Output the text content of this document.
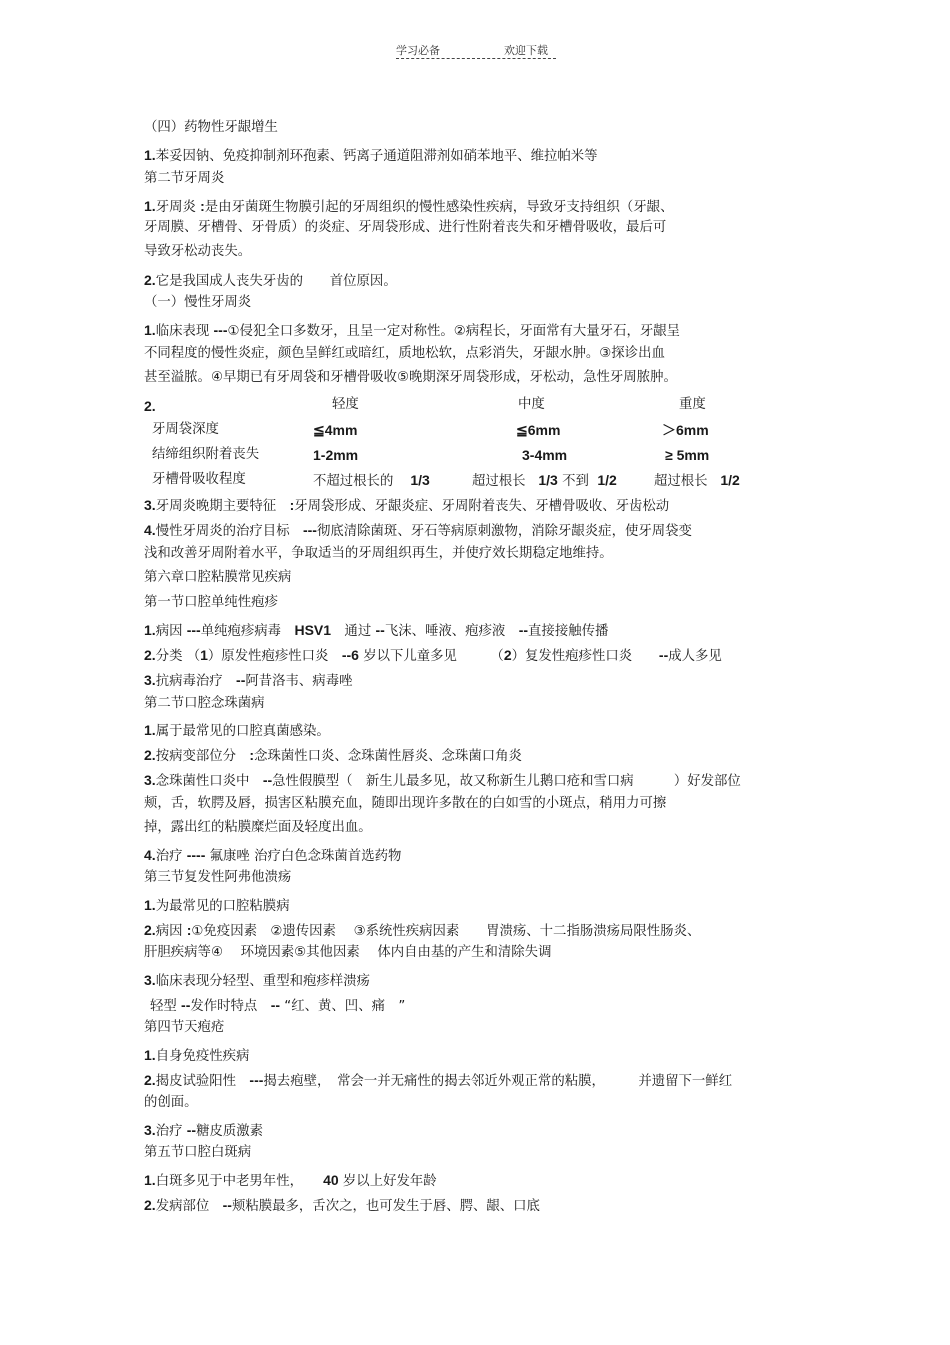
学习必备	欢迎下载
（四）药物性牙龈增生
1.苯妥因钠、免疫抑制剂环孢素、钙离子通道阻滞剂如硝苯地平、维拉帕米等
第二节牙周炎
1.牙周炎 :是由牙菌斑生物膜引起的牙周组织的慢性感染性疾病，导致牙支持组织（牙龈、
牙周膜、牙槽骨、牙骨质）的炎症、牙周袋形成、进行性附着丧失和牙槽骨吸收，最后可
导致牙松动丧失。
2.它是我国成人丧失牙齿的　　首位原因。
（一）慢性牙周炎
1.临床表现 ---①侵犯全口多数牙，且呈一定对称性。②病程长，牙面常有大量牙石，牙龈呈
不同程度的慢性炎症，颜色呈鲜红或暗红，质地松软，点彩消失，牙龈水肿。③探诊出血
甚至溢脓。④早期已有牙周袋和牙槽骨吸收⑤晚期深牙周袋形成，牙松动，急性牙周脓肿。
2.	轻度	中度	重度
牙周袋深度	≦4mm	≦6mm	＞6mm
结缔组织附着丧失	1-2mm	3-4mm	≥ 5mm
牙槽骨吸收程度	不超过根长的 1/3	超过根长 1/3 不到 1/2	超过根长 1/2
3.牙周炎晚期主要特征　:牙周袋形成、牙龈炎症、牙周附着丧失、牙槽骨吸收、牙齿松动
4.慢性牙周炎的治疗目标　---彻底清除菌斑、牙石等病原刺激物，消除牙龈炎症，使牙周袋变
浅和改善牙周附着水平，争取适当的牙周组织再生，并使疗效长期稳定地维持。
第六章口腔粘膜常见疾病
第一节口腔单纯性疱疹
1.病因 ---单纯疱疹病毒　HSV1　通过 --飞沫、唾液、疱疹液　--直接接触传播
2.分类 （1）原发性疱疹性口炎　--6 岁以下儿童多见　　　（2）复发性疱疹性口炎　　--成人多见
3.抗病毒治疗　--阿昔洛韦、病毒唑
第二节口腔念珠菌病
1.属于最常见的口腔真菌感染。
2.按病变部位分　:念珠菌性口炎、念珠菌性唇炎、念珠菌口角炎
3.念珠菌性口炎中　--急性假膜型（　新生儿最多见，故又称新生儿鹅口疮和雪口病　　　）好发部位
颊，舌，软腭及唇，损害区粘膜充血，随即出现许多散在的白如雪的小斑点，稍用力可擦
掉，露出红的粘膜糜烂面及轻度出血。
4.治疗 ---- 氟康唑 治疗白色念珠菌首选药物
第三节复发性阿弗他溃疡
1.为最常见的口腔粘膜病
2.病因 :①免疫因素　②遗传因素　 ③系统性疾病因素　　胃溃疡、十二指肠溃疡局限性肠炎、
肝胆疾病等④　 环境因素⑤其他因素　 体内自由基的产生和清除失调
3.临床表现分轻型、重型和疱疹样溃疡
轻型 --发作时特点　-- “红、黄、凹、痛　”
第四节天疱疮
1.自身免疫性疾病
2.揭皮试验阳性　---揭去疱壁，　常会一并无痛性的揭去邻近外观正常的粘膜，　　　并遗留下一鲜红
的创面。
3.治疗 --糖皮质激素
第五节口腔白斑病
1.白斑多见于中老男年性，　　40 岁以上好发年龄
2.发病部位　--颊粘膜最多，舌次之，也可发生于唇、腭、龈、口底
